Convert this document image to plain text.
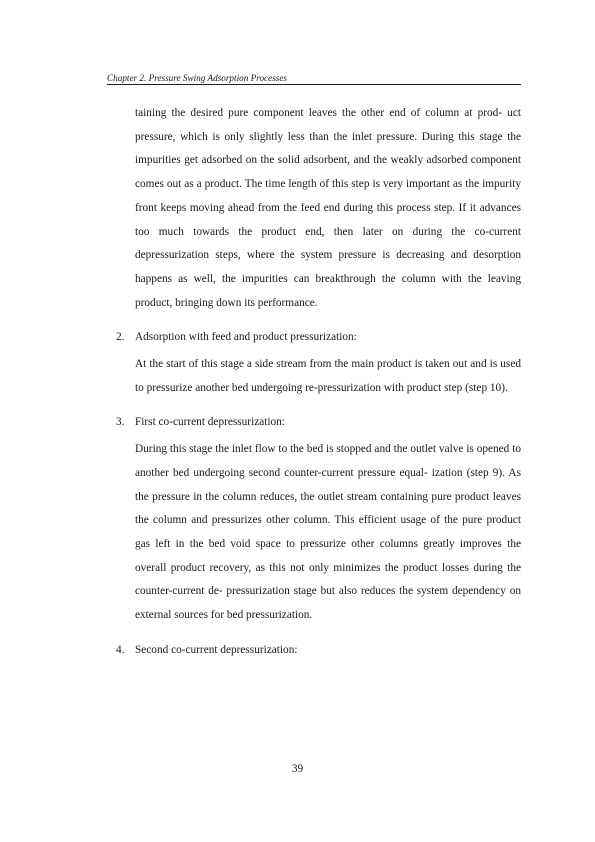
Chapter 2. Pressure Swing Adsorption Processes

taining the desired pure component leaves the other end of column at prod- uct pressure, which is only slightly less than the inlet pressure. During this stage the impurities get adsorbed on the solid adsorbent, and the weakly adsorbed component comes out as a product. The time length of this step is very important as the impurity front keeps moving ahead from the feed end during this process step. If it advances too much towards the product end, then later on during the co-current depressurization steps, where the system pressure is decreasing and desorption happens as well, the impurities can breakthrough the column with the leaving product, bringing down its performance.

2. Adsorption with feed and product pressurization:

At the start of this stage a side stream from the main product is taken out and is used to pressurize another bed undergoing re-pressurization with product step (step 10).

3. First co-current depressurization:

During this stage the inlet flow to the bed is stopped and the outlet valve is opened to another bed undergoing second counter-current pressure equal- ization (step 9). As the pressure in the column reduces, the outlet stream containing pure product leaves the column and pressurizes other column. This efficient usage of the pure product gas left in the bed void space to pressurize other columns greatly improves the overall product recovery, as this not only minimizes the product losses during the counter-current de- pressurization stage but also reduces the system dependency on external sources for bed pressurization.

4. Second co-current depressurization:

39
